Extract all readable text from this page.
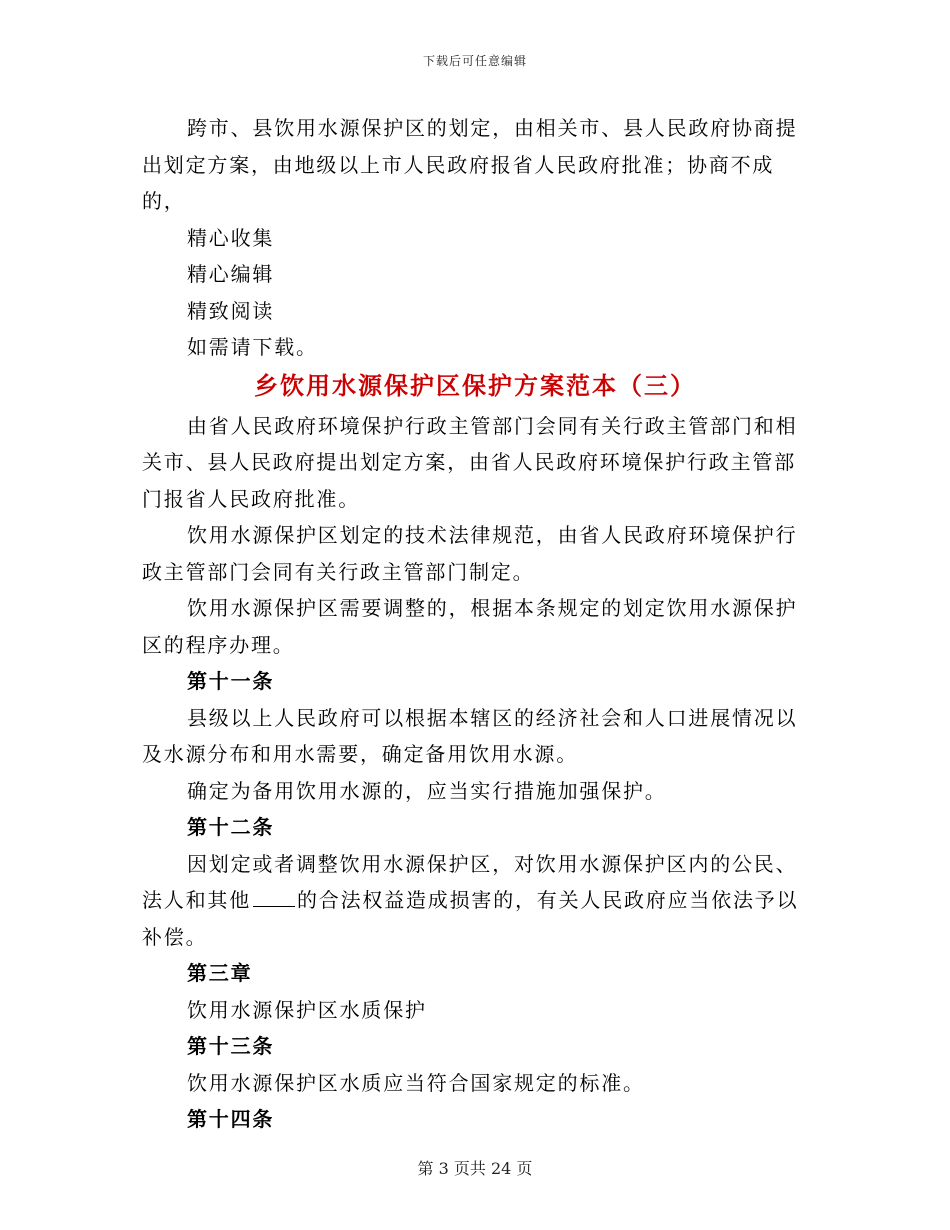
下载后可任意编辑

跨市、县饮用水源保护区的划定，由相关市、县人民政府协商提出划定方案，由地级以上市人民政府报省人民政府批准；协商不成的，

精心收集

精心编辑

精致阅读

如需请下载。

乡饮用水源保护区保护方案范本（三）

由省人民政府环境保护行政主管部门会同有关行政主管部门和相关市、县人民政府提出划定方案，由省人民政府环境保护行政主管部门报省人民政府批准。

饮用水源保护区划定的技术法律规范，由省人民政府环境保护行政主管部门会同有关行政主管部门制定。

饮用水源保护区需要调整的，根据本条规定的划定饮用水源保护区的程序办理。

第十一条

县级以上人民政府可以根据本辖区的经济社会和人口进展情况以及水源分布和用水需要，确定备用饮用水源。

确定为备用饮用水源的，应当实行措施加强保护。

第十二条

因划定或者调整饮用水源保护区，对饮用水源保护区内的公民、法人和其他 的合法权益造成损害的，有关人民政府应当依法予以补偿。

第三章

饮用水源保护区水质保护

第十三条

饮用水源保护区水质应当符合国家规定的标准。

第十四条

第 3 页共 24 页
